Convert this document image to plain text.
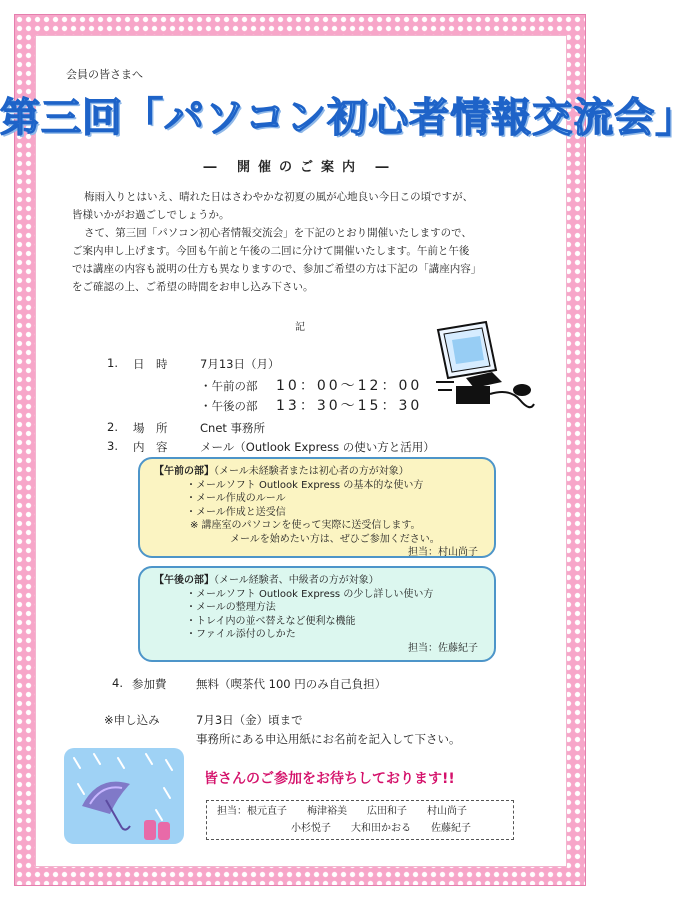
会員の皆さまへ
第三回「パソコン初心者情報交流会」
― 開催のご案内 ―
梅雨入りとはいえ、晴れた日はさわやかな初夏の風が心地良い今日この頃ですが、
皆様いかがお過ごしでしょうか。
さて、第三回「パソコン初心者情報交流会」を下記のとおり開催いたしますので、
ご案内申し上げます。今回も午前と午後の二回に分けて開催いたします。午前と午後
では講座の内容も説明の仕方も異なりますので、参加ご希望の方は下記の「講座内容」
をご確認の上、ご希望の時間をお申し込み下さい。
記
1. 日　時	7月13日（月）
・午前の部 10：00～12：00
・午後の部 13：30～15：30
2. 場　所	Cnet 事務所
3. 内　容	メール（Outlook Express の使い方と活用）
【午前の部】（メール未経験者または初心者の方が対象）
・メールソフト Outlook Express の基本的な使い方
・メール作成のルール
・メール作成と送受信
※ 講座室のパソコンを使って実際に送受信します。
メールを始めたい方は、ぜひご参加ください。
担当：村山尚子
【午後の部】（メール経験者、中級者の方が対象）
・メールソフト Outlook Express の少し詳しい使い方
・メールの整理方法
・トレイ内の並べ替えなど便利な機能
・ファイル添付のしかた
担当：佐藤紀子
4. 参加費	無料（喫茶代 100 円のみ自己負担）
※申し込み	7月3日（金）頃まで
事務所にある申込用紙にお名前を記入して下さい。
皆さんのご参加をお待ちしております!!
担当：根元直子　　梅津裕美　　広田和子　　村山尚子
小杉悦子　　大和田かおる　　佐藤紀子
